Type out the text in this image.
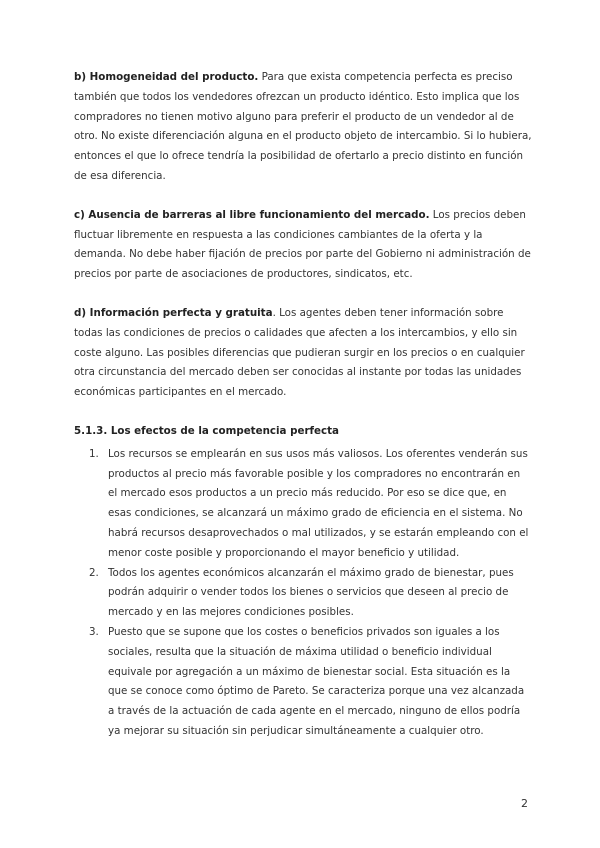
b) Homogeneidad del producto. Para que exista competencia perfecta es preciso también que todos los vendedores ofrezcan un producto idéntico. Esto implica que los compradores no tienen motivo alguno para preferir el producto de un vendedor al de otro. No existe diferenciación alguna en el producto objeto de intercambio. Si lo hubiera, entonces el que lo ofrece tendría la posibilidad de ofertarlo a precio distinto en función de esa diferencia.

c) Ausencia de barreras al libre funcionamiento del mercado. Los precios deben fluctuar libremente en respuesta a las condiciones cambiantes de la oferta y la demanda. No debe haber fijación de precios por parte del Gobierno ni administración de precios por parte de asociaciones de productores, sindicatos, etc.

d) Información perfecta y gratuita. Los agentes deben tener información sobre todas las condiciones de precios o calidades que afecten a los intercambios, y ello sin coste alguno. Las posibles diferencias que pudieran surgir en los precios o en cualquier otra circunstancia del mercado deben ser conocidas al instante por todas las unidades económicas participantes en el mercado.

5.1.3. Los efectos de la competencia perfecta
1. Los recursos se emplearán en sus usos más valiosos. Los oferentes venderán sus productos al precio más favorable posible y los compradores no encontrarán en el mercado esos productos a un precio más reducido. Por eso se dice que, en esas condiciones, se alcanzará un máximo grado de eficiencia en el sistema. No habrá recursos desaprovechados o mal utilizados, y se estarán empleando con el menor coste posible y proporcionando el mayor beneficio y utilidad.
2. Todos los agentes económicos alcanzarán el máximo grado de bienestar, pues podrán adquirir o vender todos los bienes o servicios que deseen al precio de mercado y en las mejores condiciones posibles.
3. Puesto que se supone que los costes o beneficios privados son iguales a los sociales, resulta que la situación de máxima utilidad o beneficio individual equivale por agregación a un máximo de bienestar social. Esta situación es la que se conoce como óptimo de Pareto. Se caracteriza porque una vez alcanzada a través de la actuación de cada agente en el mercado, ninguno de ellos podría ya mejorar su situación sin perjudicar simultáneamente a cualquier otro.
2
